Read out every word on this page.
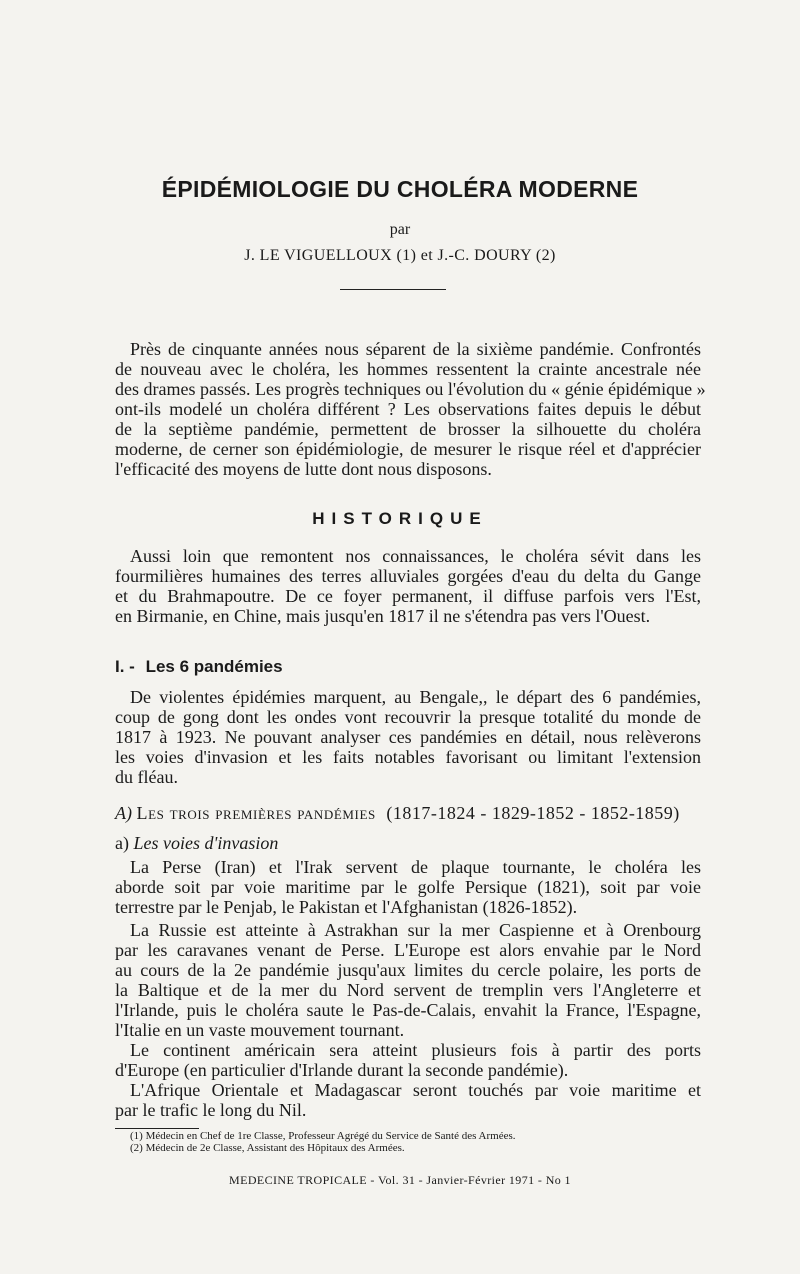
ÉPIDÉMIOLOGIE DU CHOLÉRA MODERNE
par
J. LE VIGUELLOUX (1) et J.-C. DOURY (2)
Près de cinquante années nous séparent de la sixième pandémie. Confrontés
de nouveau avec le choléra, les hommes ressentent la crainte ancestrale née
des drames passés. Les progrès techniques ou l'évolution du « génie épidémique »
ont-ils modelé un choléra différent ? Les observations faites depuis le début
de la septième pandémie, permettent de brosser la silhouette du choléra
moderne, de cerner son épidémiologie, de mesurer le risque réel et d'apprécier
l'efficacité des moyens de lutte dont nous disposons.
HISTORIQUE
Aussi loin que remontent nos connaissances, le choléra sévit dans les
fourmilières humaines des terres alluviales gorgées d'eau du delta du Gange
et du Brahmapoutre. De ce foyer permanent, il diffuse parfois vers l'Est,
en Birmanie, en Chine, mais jusqu'en 1817 il ne s'étendra pas vers l'Ouest.
I. - Les 6 pandémies
De violentes épidémies marquent, au Bengale,, le départ des 6 pandémies,
coup de gong dont les ondes vont recouvrir la presque totalité du monde de
1817 à 1923. Ne pouvant analyser ces pandémies en détail, nous relèverons
les voies d'invasion et les faits notables favorisant ou limitant l'extension
du fléau.
A) Les trois premières pandémies (1817-1824 - 1829-1852 - 1852-1859)
a) Les voies d'invasion
La Perse (Iran) et l'Irak servent de plaque tournante, le choléra les
aborde soit par voie maritime par le golfe Persique (1821), soit par voie
terrestre par le Penjab, le Pakistan et l'Afghanistan (1826-1852).
La Russie est atteinte à Astrakhan sur la mer Caspienne et à Orenbourg
par les caravanes venant de Perse. L'Europe est alors envahie par le Nord
au cours de la 2e pandémie jusqu'aux limites du cercle polaire, les ports de
la Baltique et de la mer du Nord servent de tremplin vers l'Angleterre et
l'Irlande, puis le choléra saute le Pas-de-Calais, envahit la France, l'Espagne,
l'Italie en un vaste mouvement tournant.
Le continent américain sera atteint plusieurs fois à partir des ports
d'Europe (en particulier d'Irlande durant la seconde pandémie).
L'Afrique Orientale et Madagascar seront touchés par voie maritime et
par le trafic le long du Nil.
(1) Médecin en Chef de 1re Classe, Professeur Agrégé du Service de Santé des Armées.
(2) Médecin de 2e Classe, Assistant des Hôpitaux des Armées.
MEDECINE TROPICALE - Vol. 31 - Janvier-Février 1971 - No 1
